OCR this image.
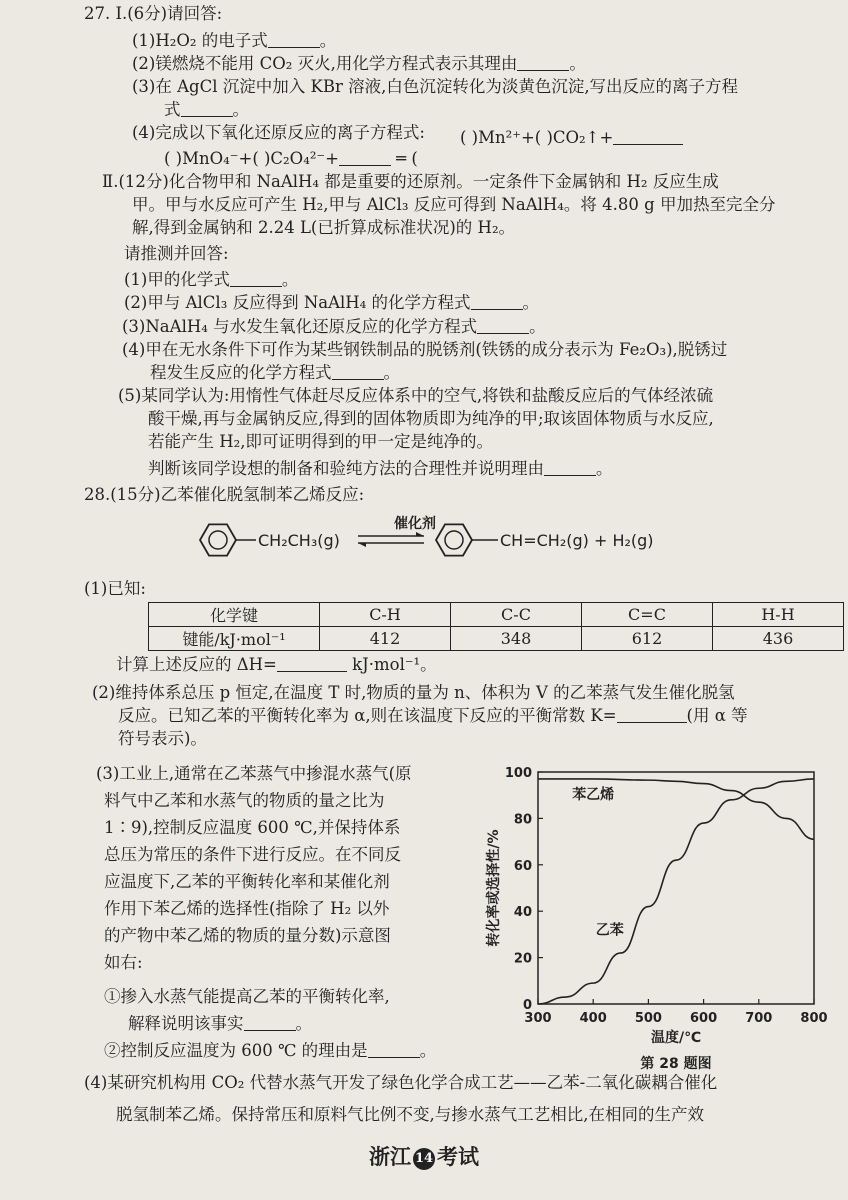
27. Ⅰ.(6分)请回答:
(1)H₂O₂ 的电子式	。
(2)镁燃烧不能用 CO₂ 灭火,用化学方程式表示其理由	。
(3)在 AgCl 沉淀中加入 KBr 溶液,白色沉淀转化为淡黄色沉淀,写出反应的离子方程
式	。
(4)完成以下氧化还原反应的离子方程式: ( )Mn²⁺+( )CO₂↑+
( )MnO₄⁻+( )C₂O₄²⁻+	═ (
Ⅱ.(12分)化合物甲和 NaAlH₄ 都是重要的还原剂。一定条件下金属钠和 H₂ 反应生成
甲。甲与水反应可产生 H₂,甲与 AlCl₃ 反应可得到 NaAlH₄。将 4.80 g 甲加热至完全分
解,得到金属钠和 2.24 L(已折算成标准状况)的 H₂。
请推测并回答:
(1)甲的化学式	。
(2)甲与 AlCl₃ 反应得到 NaAlH₄ 的化学方程式	。
(3)NaAlH₄ 与水发生氧化还原反应的化学方程式	。
(4)甲在无水条件下可作为某些钢铁制品的脱锈剂(铁锈的成分表示为 Fe₂O₃),脱锈过
程发生反应的化学方程式	。
(5)某同学认为:用惰性气体赶尽反应体系中的空气,将铁和盐酸反应后的气体经浓硫
酸干燥,再与金属钠反应,得到的固体物质即为纯净的甲;取该固体物质与水反应,
若能产生 H₂,即可证明得到的甲一定是纯净的。
判断该同学设想的制备和验纯方法的合理性并说明理由	。
28.(15分)乙苯催化脱氢制苯乙烯反应:
CH₂CH₃(g)
催化剂
CH=CH₂(g) + H₂(g)
(1)已知:
化学键	C-H	C-C	C=C	H-H
键能/kJ·mol⁻¹	412	348	612	436
计算上述反应的 ΔH=	kJ·mol⁻¹。
(2)维持体系总压 p 恒定,在温度 T 时,物质的量为 n、体积为 V 的乙苯蒸气发生催化脱氢
反应。已知乙苯的平衡转化率为 α,则在该温度下反应的平衡常数 K=	(用 α 等
符号表示)。
(3)工业上,通常在乙苯蒸气中掺混水蒸气(原
料气中乙苯和水蒸气的物质的量之比为
1∶9),控制反应温度 600 ℃,并保持体系
总压为常压的条件下进行反应。在不同反
应温度下,乙苯的平衡转化率和某催化剂
作用下苯乙烯的选择性(指除了 H₂ 以外
的产物中苯乙烯的物质的量分数)示意图
如右:
①掺入水蒸气能提高乙苯的平衡转化率,
解释说明该事实	。
②控制反应温度为 600 ℃ 的理由是	。
0
20
40
60
80
100
300 400 500 600 700 800
苯乙烯
乙苯
转化率或选择性/%
温度/℃
第 28 题图
(4)某研究机构用 CO₂ 代替水蒸气开发了绿色化学合成工艺——乙苯-二氧化碳耦合催化
脱氢制苯乙烯。保持常压和原料气比例不变,与掺水蒸气工艺相比,在相同的生产效
浙江 14 考试
